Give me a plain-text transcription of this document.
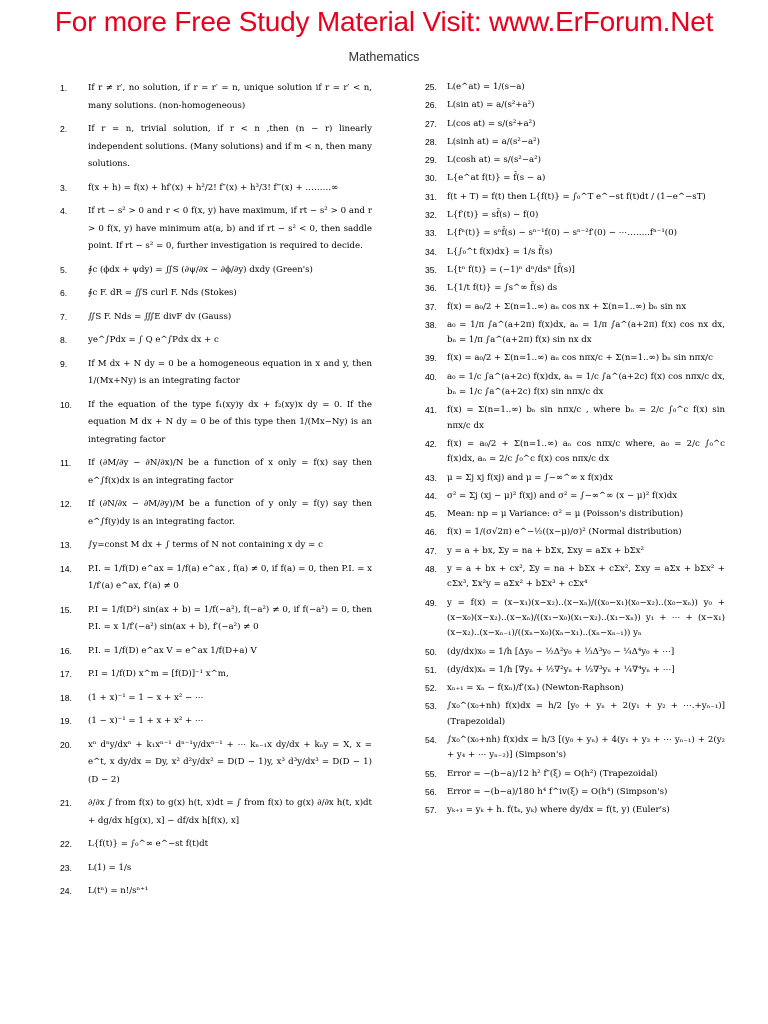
For more Free Study Material Visit: www.ErForum.Net
Mathematics
1. If r ≠ r′, no solution, if r = r′ = n, unique solution if r = r′ < n, many solutions. (non-homogeneous)
2. If r = n, trivial solution, if r < n ,then (n − r) linearly independent solutions. (Many solutions) and if m < n, then many solutions.
3. f(x + h) = f(x) + hf′(x) + h²/2! f″(x) + h³/3! f‴(x) + ………∞
4. If rt − s² > 0 and r < 0 f(x, y) have maximum, if rt − s² > 0 and r > 0 f(x, y) have minimum at(a, b) and if rt − s² < 0, then saddle point. If rt − s² = 0, further investigation is required to decide.
5. ∮c (ϕdx + ψdy) = ∬S (∂ψ/∂x − ∂ϕ/∂y) dxdy (Green's)
6. ∮c F. dR = ∬S curl F. Nds (Stokes)
7. ∬S F. Nds = ∭E divF dv (Gauss)
8. ye^∫Pdx = ∫ Q e^∫Pdx dx + c
9. If M dx + N dy = 0 be a homogeneous equation in x and y, then 1/(Mx+Ny) is an integrating factor
10. If the equation of the type f₁(xy)y dx + f₂(xy)x dy = 0. If the equation M dx + N dy = 0 be of this type then 1/(Mx−Ny) is an integrating factor
11. If (∂M/∂y − ∂N/∂x)/N be a function of x only = f(x) say then e^∫f(x)dx is an integrating factor
12. If (∂N/∂x − ∂M/∂y)/M be a function of y only = f(y) say then e^∫f(y)dy is an integrating factor.
13. ∫y=const M dx + ∫ terms of N not containing x dy = c
14. P.I. = 1/f(D) e^ax = 1/f(a) e^ax , f(a) ≠ 0, if f(a) = 0, then P.I. = x 1/f′(a) e^ax, f′(a) ≠ 0
15. P.I = 1/f(D²) sin(ax + b) = 1/f(−a²), f(−a²) ≠ 0, if f(−a²) = 0, then P.I. = x 1/f′(−a²) sin(ax + b), f′(−a²) ≠ 0
16. P.I. = 1/f(D) e^ax V = e^ax 1/f(D+a) V
17. P.I = 1/f(D) x^m = [f(D)]⁻¹ x^m,
18. (1 + x)⁻¹ = 1 − x + x² − ⋯
19. (1 − x)⁻¹ = 1 + x + x² + ⋯
20. xⁿ dⁿy/dxⁿ + k₁xⁿ⁻¹ dⁿ⁻¹y/dxⁿ⁻¹ + ⋯ kₙ₋₁x dy/dx + kₙy = X, x = e^t, x dy/dx = Dy, x² d²y/dx² = D(D − 1)y, x³ d³y/dx³ = D(D − 1)(D − 2)
21. ∂/∂x ∫ from f(x) to g(x) h(t, x)dt = ∫ from f(x) to g(x) ∂/∂x h(t, x)dt + dg/dx h[g(x), x] − df/dx h[f(x), x]
22. L{f(t)} = ∫₀^∞ e^−st f(t)dt
23. L(1) = 1/s
24. L(tⁿ) = n!/sⁿ⁺¹
25. L(e^at) = 1/(s−a)
26. L(sin at) = a/(s²+a²)
27. L(cos at) = s/(s²+a²)
28. L(sinh at) = a/(s²−a²)
29. L(cosh at) = s/(s²−a²)
30. L{e^at f(t)} = f̄(s − a)
31. f(t + T) = f(t) then L{f(t)} = ∫₀^T e^−st f(t)dt / (1−e^−sT)
32. L{f′(t)} = sf̄(s) − f(0)
33. L{fⁿ(t)} = sⁿf̄(s) − sⁿ⁻¹f(0) − sⁿ⁻²f′(0) − ⋯……..fⁿ⁻¹(0)
34. L{∫₀^t f(x)dx} = 1/s f̄(s)
35. L{tⁿ f(t)} = (−1)ⁿ dⁿ/dsⁿ [f̄(s)]
36. L{1/t f(t)} = ∫s^∞ f̄(s) ds
37. f(x) = a₀/2 + Σ(n=1..∞) aₙ cos nx + Σ(n=1..∞) bₙ sin nx
38. a₀ = 1/π ∫a^(a+2π) f(x)dx, aₙ = 1/π ∫a^(a+2π) f(x) cos nx dx, bₙ = 1/π ∫a^(a+2π) f(x) sin nx dx
39. f(x) = a₀/2 + Σ(n=1..∞) aₙ cos nπx/c + Σ(n=1..∞) bₙ sin nπx/c
40. a₀ = 1/c ∫a^(a+2c) f(x)dx, aₙ = 1/c ∫a^(a+2c) f(x) cos nπx/c dx, bₙ = 1/c ∫a^(a+2c) f(x) sin nπx/c dx
41. f(x) = Σ(n=1..∞) bₙ sin nπx/c , where bₙ = 2/c ∫₀^c f(x) sin nπx/c dx
42. f(x) = a₀/2 + Σ(n=1..∞) aₙ cos nπx/c where, a₀ = 2/c ∫₀^c f(x)dx, aₙ = 2/c ∫₀^c f(x) cos nπx/c dx
43. μ = Σj xj f(xj) and μ = ∫−∞^∞ x f(x)dx
44. σ² = Σj (xj − μ)² f(xj) and σ² = ∫−∞^∞ (x − μ)² f(x)dx
45. Mean: np = μ Variance: σ² = μ (Poisson's distribution)
46. f(x) = 1/(σ√2π) e^−½((x−μ)/σ)² (Normal distribution)
47. y = a + bx, Σy = na + bΣx, Σxy = aΣx + bΣx²
48. y = a + bx + cx², Σy = na + bΣx + cΣx², Σxy = aΣx + bΣx² + cΣx³, Σx²y = aΣx² + bΣx³ + cΣx⁴
49. y = f(x) = (x−x₁)(x−x₂)..(x−xₙ)/((x₀−x₁)(x₀−x₂)..(x₀−xₙ)) y₀ + (x−x₀)(x−x₂)..(x−xₙ)/((x₁−x₀)(x₁−x₂)..(x₁−xₙ)) y₁ + ⋯ + (x−x₁)(x−x₂)..(x−xₙ₋₁)/((xₙ−x₀)(xₙ−x₁)..(xₙ−xₙ₋₁)) yₙ
50. (dy/dx)x₀ = 1/h [Δy₀ − ½Δ²y₀ + ⅓Δ³y₀ − ¼Δ⁴y₀ + ⋯]
51. (dy/dx)xₙ = 1/h [∇yₙ + ½∇²yₙ + ⅓∇³yₙ + ¼∇⁴yₙ + ⋯]
52. xₙ₊₁ = xₙ − f(xₙ)/f′(xₙ) (Newton-Raphson)
53. ∫x₀^(x₀+nh) f(x)dx = h/2 [y₀ + yₙ + 2(y₁ + y₂ + ⋯.+yₙ₋₁)] (Trapezoidal)
54. ∫x₀^(x₀+nh) f(x)dx = h/3 [(y₀ + yₙ) + 4(y₁ + y₃ + ⋯ yₙ₋₁) + 2(y₂ + y₄ + ⋯ yₙ₋₂)] (Simpson's)
55. Error = −(b−a)/12 h² f″(ξ) = O(h²) (Trapezoidal)
56. Error = −(b−a)/180 h⁴ f^iv(ξ) = O(h⁴) (Simpson's)
57. yₖ₊₁ = yₖ + h. f(tₖ, yₖ) where dy/dx = f(t, y) (Euler's)
